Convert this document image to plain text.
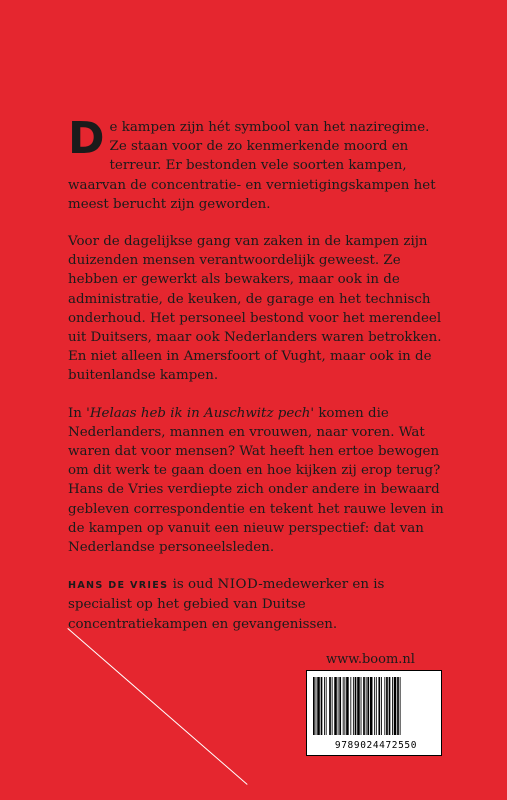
De kampen zijn hét symbool van het naziregime. Ze staan voor de zo kenmerkende moord en terreur. Er bestonden vele soorten kampen, waarvan de concentratie- en vernietigingskampen het meest berucht zijn geworden.

Voor de dagelijkse gang van zaken in de kampen zijn duizenden mensen verantwoordelijk geweest. Ze hebben er gewerkt als bewakers, maar ook in de administratie, de keuken, de garage en het technisch onderhoud. Het personeel bestond voor het merendeel uit Duitsers, maar ook Nederlanders waren betrokken. En niet alleen in Amersfoort of Vught, maar ook in de buitenlandse kampen.

In 'Helaas heb ik in Auschwitz pech' komen die Nederlanders, mannen en vrouwen, naar voren. Wat waren dat voor mensen? Wat heeft hen ertoe bewogen om dit werk te gaan doen en hoe kijken zij erop terug? Hans de Vries verdiepte zich onder andere in bewaard gebleven correspondentie en tekent het rauwe leven in de kampen op vanuit een nieuw perspectief: dat van Nederlandse personeelsleden.

HANS DE VRIES is oud NIOD-medewerker en is specialist op het gebied van Duitse concentratiekampen en gevangenissen.

www.boom.nl
9789024472550
